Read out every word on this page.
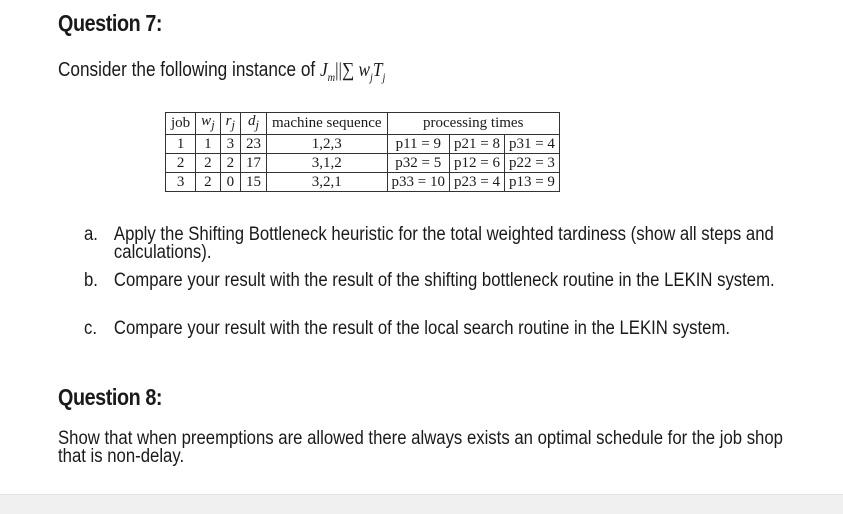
Question 7:
Consider the following instance of $J_m||\sum$ $w_jT_j$
job	$w_j$	$r_j$	$d_j$	machine sequence	processing times		
1	1	3	23	1,2,3	p11 = 9	p21 = 8	p31 = 4
2	2	2	17	3,1,2	p32 = 5	p12 = 6	p22 = 3
3	2	0	15	3,2,1	p33 = 10	p23 = 4	p13 = 9
a. Apply the Shifting Bottleneck heuristic for the total weighted tardiness (show all steps and calculations).
b. Compare your result with the result of the shifting bottleneck routine in the LEKIN system.
c. Compare your result with the result of the local search routine in the LEKIN system.
Question 8:
Show that when preemptions are allowed there always exists an optimal schedule for the job shop that is non-delay.
